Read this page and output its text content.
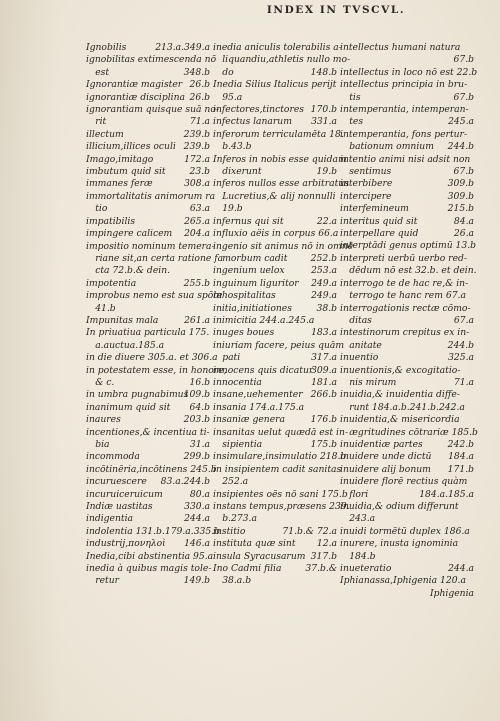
INDEX IN TVSCVL.
Ignobilis	213.a.349.a
ignobilitas extimescenda nō
 est	348.b
Ignorantiæ magister 26.b
ignorantiæ disciplina 26.b
ignorantiam quisque suā no-
 rit	71.a
illectum	239.b
illicium,illices oculi 239.b
Imago,imitago	172.a
imbutum quid sit	23.b
immanes feræ	308.a
immortalitatis animorum ra
 tio	63.a
impatibilis	265.a
impingere calicem 204.a
impositio nominum temera-
 riane sit,an certa ratione fa
 cta 72.b.& dein.
impotentia	255.b
improbus nemo est sua spōte
 41.b
Impunitas mala	261.a
In priuatiua particula 175.
 a.auctua.185.a
in die diuere 305.a. et 306.a
in potestatem esse, in honore,
 & c.	16.b
in umbra pugnabimus
109.b
inanimum quid sit 64.b
inaures	203.b
incentiones,& incentiua ti-
 bia	31.a
incommoda	299.b
incōtinēria,incōtinens 245.b
incuruescere 83.a.244.b
incuruiceruicum	80.a
Indiæ uastitas	330.a
indigentia	244.a
indolentia 131.b.179.a.335.b
industrij,πονηλοὶ 146.a
Inedia,cibi abstinentia 95.a
inedia à quibus magis tole-
 retur	149.b
inedia aniculis tolerabilis a-
 liquandiu,athletis nullo mo-
 do	148.b
Inedia Silius Italicus perijt
 95.a
infectores,tinctores 170.b
infectus lanarum 331.a
inferorum terriculamēta 18.
 b.43.b
Inferos in nobis esse quidam
 dixerunt	19.b
inferos nullos esse arbitratus
 Lucretius,& alij nonnulli
 19.b
infernus qui sit	22.a
influxio aëis in corpus 66.a
ingenio sit animus nō in omnē
 morbum cadit	252.b
ingenium uelox	253.a
inguinum liguritor 249.a
inhospitalitas	249.a
initia,initiationes	38.b
inimicitia 244.a.245.a
inuges boues	183.a
iniuriam facere, peius quām
 pati	317.a
innocens quis dicatur
309.a
innocentia	181.a
insane,uehementer 266.b
insania 174.a.175.a
insaniæ genera	176.b
insanitas uelut quædā est in-
 sipientia	175.b
insimulare,insimulatio 218.b
in insipientem cadit sanitas
 252.a
insipientes oēs nō sani 175.b
instans tempus,præsens 239.
 b.273.a
institio	71.b.& 72.a
instituta quæ sint 12.a
insula Syracusarum 317.b
Ino Cadmi filia	37.b.&
 38.a.b
intellectus humani natura
67.b
intellectus in loco nō est 22.b
intellectus principia in bru-
 tis	67.b
intemperantia, intemperan-
 tes	245.a
intemperantia, fons pertur-
 bationum omnium 244.b
intentio animi nisi adsit non
 sentimus	67.b
interbibere	309.b
intercipere	309.b
interfemineum	215.b
interitus quid sit	84.a
interpellare quid	26.a
interptādi genus optimū 13.b
interpreti uerbū uerbo red-
 dēdum nō est 32.b. et dein.
interrogo te de hac re,& in-
 terrogo te hanc rem 67.a
interrogationis rectæ cōmo-
 ditas	67.a
intestinorum crepitus ex in-
 anitate	244.b
inuentio	325.a
inuentionis,& excogitatio-
 nis mirum	71.a
inuidia,& inuidentia diffe-
 runt 184.a.b.241.b.242.a
inuidentia,& misericordia
 ægritudines cōtrariæ 185.b
inuidentiæ partes	242.b
inuidere unde dictū 184.a
inuidere alij bonum 171.b
inuidere florē rectius quàm
 flori	184.a.185.a
inuidia,& odium differunt
 243.a
inuidi tormētū duplex 186.a
inurere, inusta ignominia
 184.b
inueteratio	244.a
Iphianassa,Iphigenia 120.a
Iphigenia
